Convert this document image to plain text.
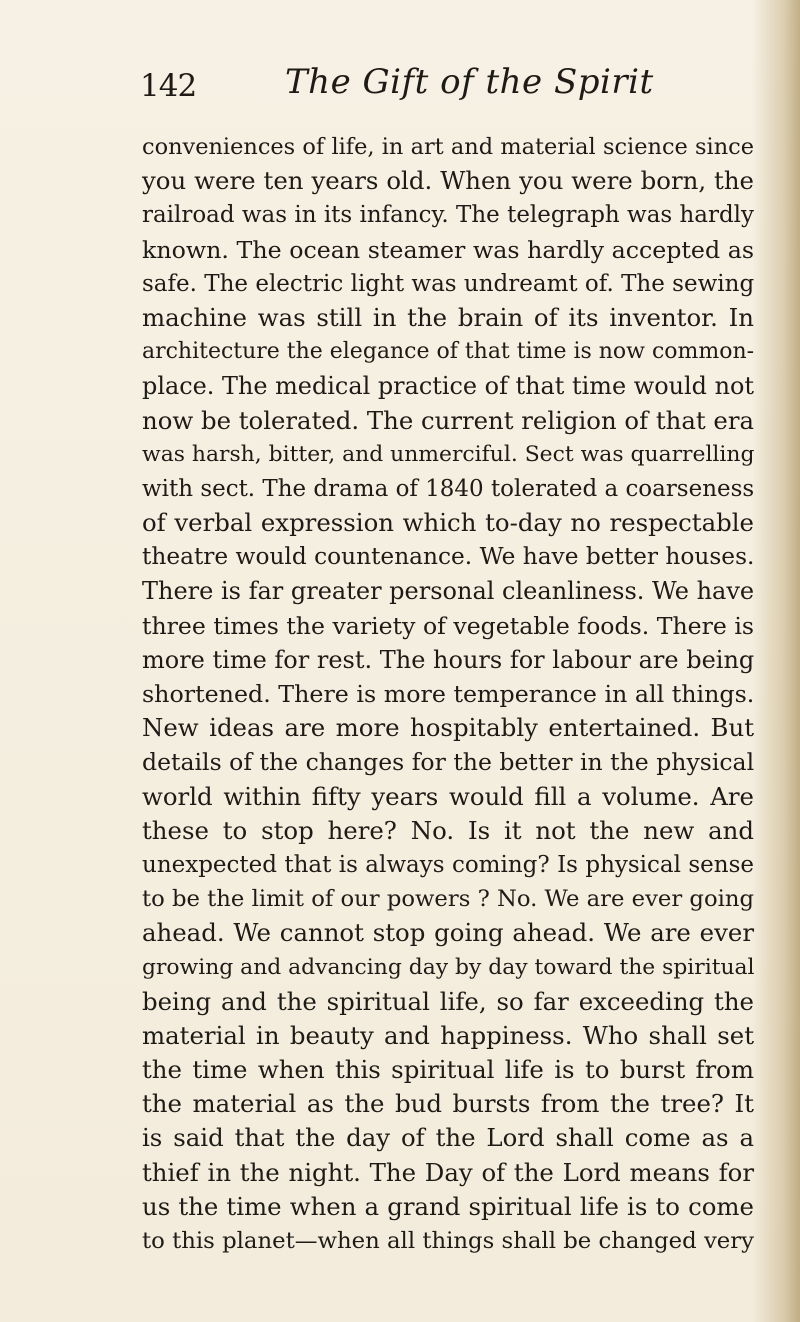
142	The Gift of the Spirit
conveniences of life, in art and material science since
you were ten years old. When you were born, the
railroad was in its infancy. The telegraph was hardly
known. The ocean steamer was hardly accepted as
safe. The electric light was undreamt of. The sewing
machine was still in the brain of its inventor. In
architecture the elegance of that time is now common-
place. The medical practice of that time would not
now be tolerated. The current religion of that era
was harsh, bitter, and unmerciful. Sect was quarrelling
with sect. The drama of 1840 tolerated a coarseness
of verbal expression which to-day no respectable
theatre would countenance. We have better houses.
There is far greater personal cleanliness. We have
three times the variety of vegetable foods. There is
more time for rest. The hours for labour are being
shortened. There is more temperance in all things.
New ideas are more hospitably entertained. But
details of the changes for the better in the physical
world within fifty years would fill a volume. Are
these to stop here? No. Is it not the new and
unexpected that is always coming? Is physical sense
to be the limit of our powers ? No. We are ever going
ahead. We cannot stop going ahead. We are ever
growing and advancing day by day toward the spiritual
being and the spiritual life, so far exceeding the
material in beauty and happiness. Who shall set
the time when this spiritual life is to burst from
the material as the bud bursts from the tree? It
is said that the day of the Lord shall come as a
thief in the night. The Day of the Lord means for
us the time when a grand spiritual life is to come
to this planet—when all things shall be changed very
